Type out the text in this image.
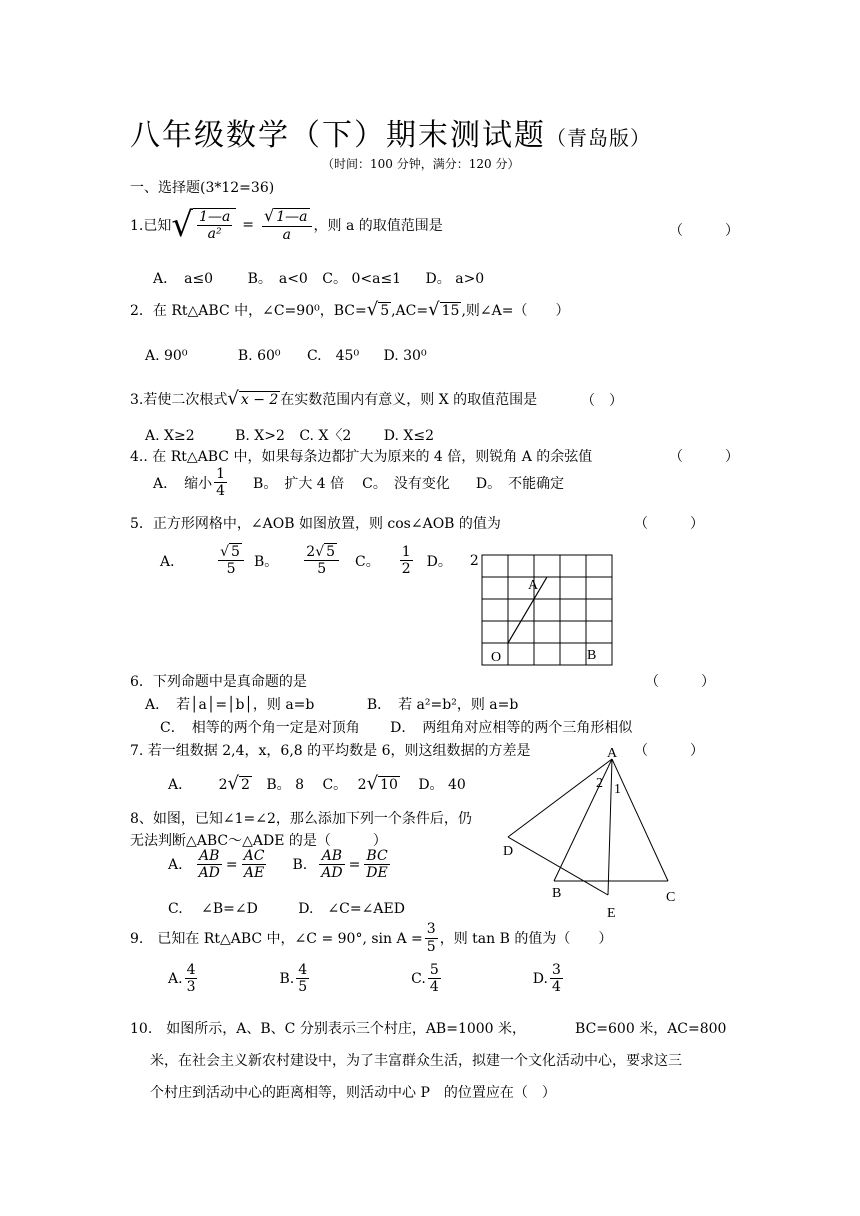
八年级数学（下）期末测试题（青岛版）
（时间：100 分钟，满分：120 分）
一、选择题(3*12=36)
1.已知 √ $\frac{1—a}{\text{a²}} = \frac{√ 1—a}{a}$ ，则 a 的取值范围是	（　　　）
A．　a≤0 B。　a<0 C。 0<a≤1 D。 a>0
2．在 Rt△ABC 中，∠C=90⁰，BC=√ 5 ,AC=√ 15 ,则∠A=（　　）
A. 90⁰	B. 60⁰ C.　45⁰ D. 30⁰
3.若使二次根式√ x − 2 在实数范围内有意义，则 X 的取值范围是	（　）
A. X≥2	B. X>2 C. X〈2 D. X≤2
4.. 在 Rt△ABC 中，如果每条边都扩大为原来的 4 倍，则锐角 A 的余弦值	（　　　）
A．　缩小 $\frac{1}{4}$ B。　扩大 4 倍 C。　没有变化 D。　不能确定
5．正方形网格中，∠AOB 如图放置，则 cos∠AOB 的值为	（　　　）
A． $\frac{√ 5}{5}$ B。 $\frac{2√ 5}{5}$ C。 $\frac{1}{2}$ D。 2
A
O	B
6．下列命题中是真命题的是	（　　　）
A．　若│a│=│b│，则 a=b	B．　若 a²=b²，则 a=b
C．　相等的两个角一定是对顶角 D．　两组角对应相等的两个三角形相似
7. 若一组数据 2,4，x，6,8 的平均数是 6，则这组数据的方差是	（　　　）
A． 2√ 2 B。 8 C。 2√ 10 D。 40
8、如图，已知∠1=∠2，那么添加下列一个条件后，仍
无法判断△ABC～△ADE 的是（　　　）
A. $\frac{AB}{AD} = \frac{AC}{AE} B$. $\frac{AB}{AD} = \frac{BC}{DE}$
C.　 ∠B=∠D	D.　∠C=∠AED
A
2 1
D
B	C
E
9.　已知在 Rt△ABC 中，∠C = 90°, $\sin A = \frac{3}{5}$ ，则 tan B 的值为（　　）
A. $\frac{4}{3}$	B. $\frac{4}{5}$	C. $\frac{5}{4}$	D. $\frac{3}{4}$
10.　如图所示，A、B、C 分别表示三个村庄，AB=1000 米，　　　　BC=600 米，AC=800
米，在社会主义新农村建设中，为了丰富群众生活，拟建一个文化活动中心，要求这三
个村庄到活动中心的距离相等，则活动中心 P　的位置应在（　）
